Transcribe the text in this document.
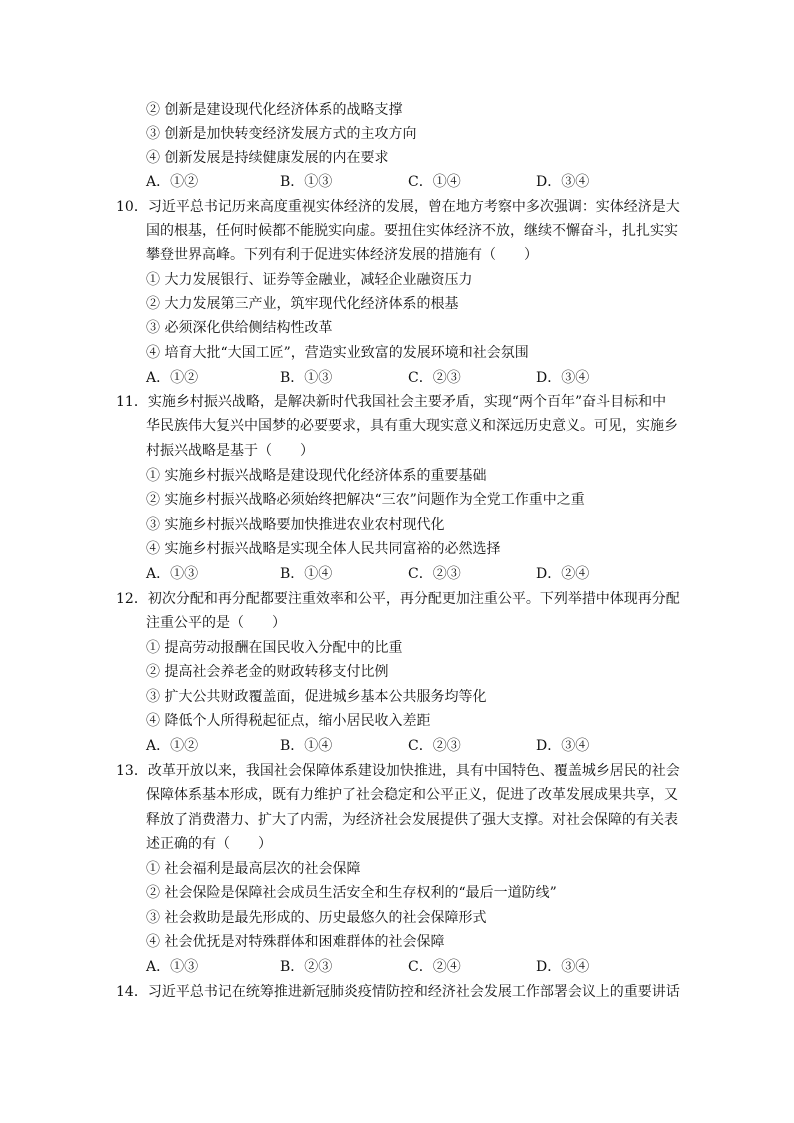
② 创新是建设现代化经济体系的战略支撑
③ 创新是加快转变经济发展方式的主攻方向
④ 创新发展是持续健康发展的内在要求
A．①②	B．①③	C．①④	D．③④
10．习近平总书记历来高度重视实体经济的发展，曾在地方考察中多次强调：实体经济是大
国的根基，任何时候都不能脱实向虚。要扭住实体经济不放，继续不懈奋斗，扎扎实实
攀登世界高峰。下列有利于促进实体经济发展的措施有（　　）
① 大力发展银行、证券等金融业，减轻企业融资压力
② 大力发展第三产业，筑牢现代化经济体系的根基
③ 必须深化供给侧结构性改革
④ 培育大批“大国工匠”，营造实业致富的发展环境和社会氛围
A．①②	B．①③	C．②③	D．③④
11．实施乡村振兴战略，是解决新时代我国社会主要矛盾，实现“两个百年”奋斗目标和中
华民族伟大复兴中国梦的必要要求，具有重大现实意义和深远历史意义。可见，实施乡
村振兴战略是基于（　　）
① 实施乡村振兴战略是建设现代化经济体系的重要基础
② 实施乡村振兴战略必须始终把解决“三农”问题作为全党工作重中之重
③ 实施乡村振兴战略要加快推进农业农村现代化
④ 实施乡村振兴战略是实现全体人民共同富裕的必然选择
A．①③	B．①④	C．②③	D．②④
12．初次分配和再分配都要注重效率和公平，再分配更加注重公平。下列举措中体现再分配
注重公平的是（　　）
① 提高劳动报酬在国民收入分配中的比重
② 提高社会养老金的财政转移支付比例
③ 扩大公共财政覆盖面，促进城乡基本公共服务均等化
④ 降低个人所得税起征点，缩小居民收入差距
A．①②	B．①④	C．②③	D．③④
13．改革开放以来，我国社会保障体系建设加快推进，具有中国特色、覆盖城乡居民的社会
保障体系基本形成，既有力维护了社会稳定和公平正义，促进了改革发展成果共享，又
释放了消费潜力、扩大了内需，为经济社会发展提供了强大支撑。对社会保障的有关表
述正确的有（　　）
① 社会福利是最高层次的社会保障
② 社会保险是保障社会成员生活安全和生存权利的“最后一道防线”
③ 社会救助是最先形成的、历史最悠久的社会保障形式
④ 社会优抚是对特殊群体和困难群体的社会保障
A．①③	B．②③	C．②④	D．③④
14．习近平总书记在统筹推进新冠肺炎疫情防控和经济社会发展工作部署会议上的重要讲话
